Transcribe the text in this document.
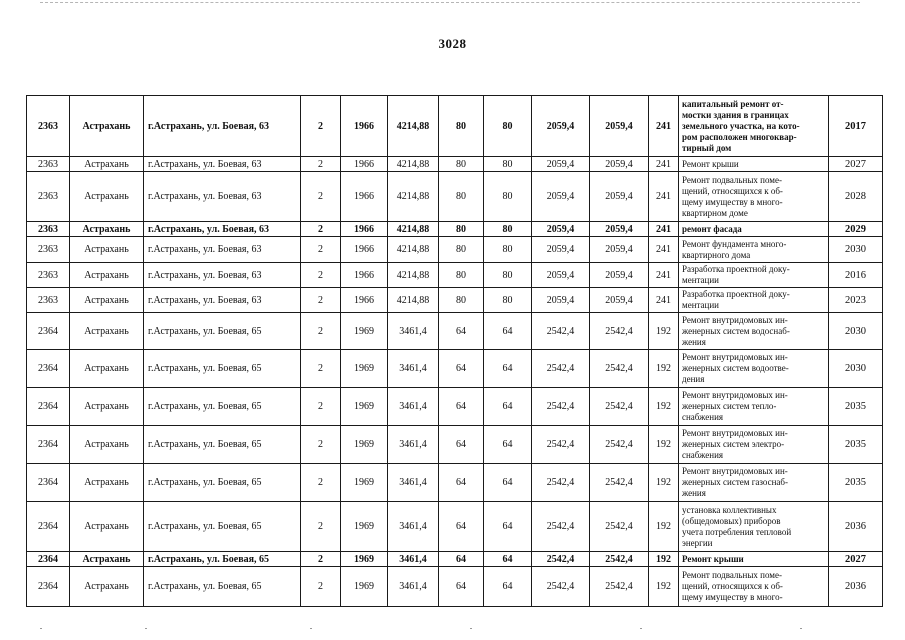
3028
2363	Астрахань	г.Астрахань, ул. Боевая, 63	2	1966	4214,88	80	80	2059,4	2059,4	241	капитальный ремонт от-
мостки здания в границах
земельного участка, на кото-
ром расположен многоквар-
тирный дом	2017
2363	Астрахань	г.Астрахань, ул. Боевая, 63	2	1966	4214,88	80	80	2059,4	2059,4	241	Ремонт крыши	2027
2363	Астрахань	г.Астрахань, ул. Боевая, 63	2	1966	4214,88	80	80	2059,4	2059,4	241	Ремонт подвальных поме-
щений, относящихся к об-
щему имуществу в много-
квартирном доме	2028
2363	Астрахань	г.Астрахань, ул. Боевая, 63	2	1966	4214,88	80	80	2059,4	2059,4	241	ремонт фасада	2029
2363	Астрахань	г.Астрахань, ул. Боевая, 63	2	1966	4214,88	80	80	2059,4	2059,4	241	Ремонт фундамента много-
квартирного дома	2030
2363	Астрахань	г.Астрахань, ул. Боевая, 63	2	1966	4214,88	80	80	2059,4	2059,4	241	Разработка проектной доку-
ментации	2016
2363	Астрахань	г.Астрахань, ул. Боевая, 63	2	1966	4214,88	80	80	2059,4	2059,4	241	Разработка проектной доку-
ментации	2023
2364	Астрахань	г.Астрахань, ул. Боевая, 65	2	1969	3461,4	64	64	2542,4	2542,4	192	Ремонт внутридомовых ин-
женерных систем водоснаб-
жения	2030
2364	Астрахань	г.Астрахань, ул. Боевая, 65	2	1969	3461,4	64	64	2542,4	2542,4	192	Ремонт внутридомовых ин-
женерных систем водоотве-
дения	2030
2364	Астрахань	г.Астрахань, ул. Боевая, 65	2	1969	3461,4	64	64	2542,4	2542,4	192	Ремонт внутридомовых ин-
женерных систем тепло-
снабжения	2035
2364	Астрахань	г.Астрахань, ул. Боевая, 65	2	1969	3461,4	64	64	2542,4	2542,4	192	Ремонт внутридомовых ин-
женерных систем электро-
снабжения	2035
2364	Астрахань	г.Астрахань, ул. Боевая, 65	2	1969	3461,4	64	64	2542,4	2542,4	192	Ремонт внутридомовых ин-
женерных систем газоснаб-
жения	2035
2364	Астрахань	г.Астрахань, ул. Боевая, 65	2	1969	3461,4	64	64	2542,4	2542,4	192	установка коллективных
(общедомовых) приборов
учета потребления тепловой
энергии	2036
2364	Астрахань	г.Астрахань, ул. Боевая, 65	2	1969	3461,4	64	64	2542,4	2542,4	192	Ремонт крыши	2027
2364	Астрахань	г.Астрахань, ул. Боевая, 65	2	1969	3461,4	64	64	2542,4	2542,4	192	Ремонт подвальных поме-
щений, относящихся к об-
щему имуществу в много-	2036
